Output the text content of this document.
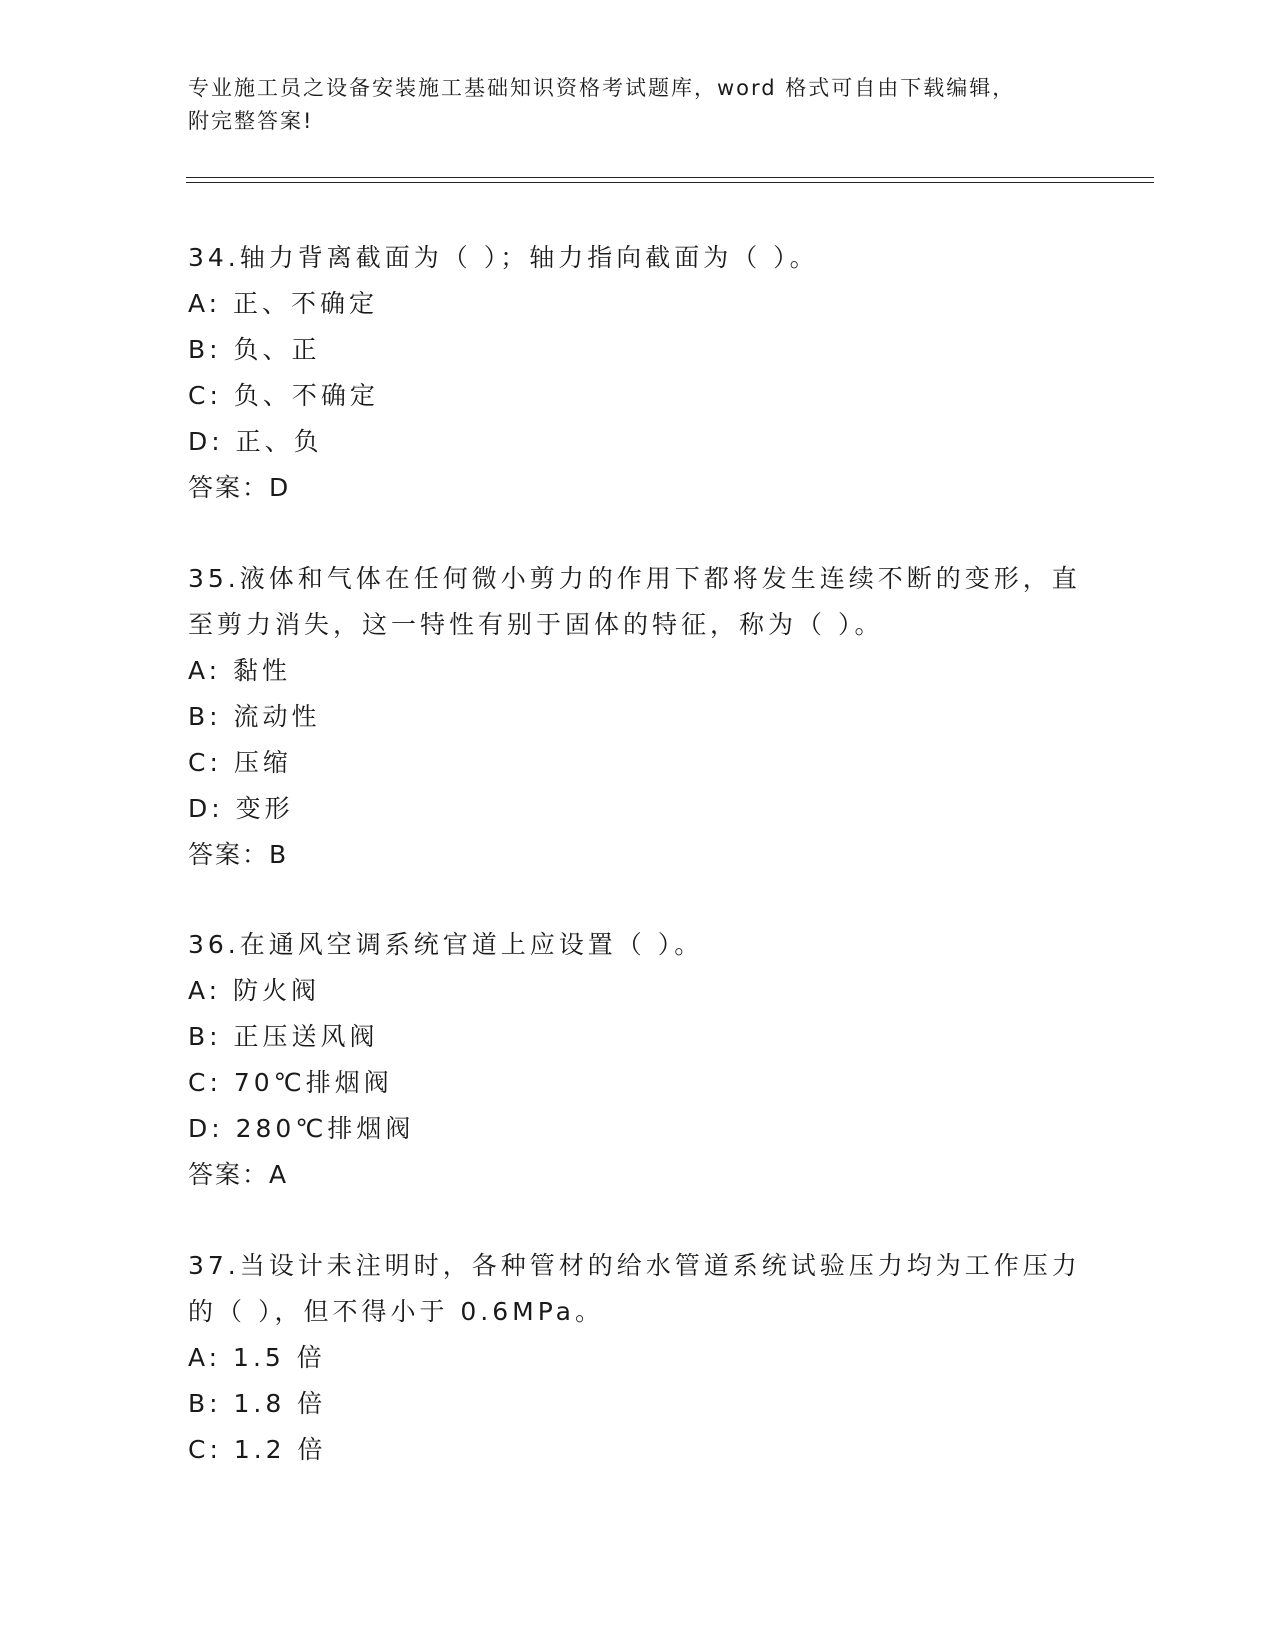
专业施工员之设备安装施工基础知识资格考试题库，word 格式可自由下载编辑，
附完整答案!

34.轴力背离截面为（ ）；轴力指向截面为（ ）。

A: 正、不确定

B: 负、正

C: 负、不确定

D: 正、负

答案：D

35.液体和气体在任何微小剪力的作用下都将发生连续不断的变形，直

至剪力消失，这一特性有别于固体的特征，称为（ ）。

A: 黏性

B: 流动性

C: 压缩

D: 变形

答案：B

36.在通风空调系统官道上应设置（ ）。

A: 防火阀

B: 正压送风阀

C: 70℃排烟阀

D: 280℃排烟阀

答案：A

37.当设计未注明时，各种管材的给水管道系统试验压力均为工作压力

的（ ），但不得小于 0.6MPa。

A: 1.5 倍

B: 1.8 倍

C: 1.2 倍
